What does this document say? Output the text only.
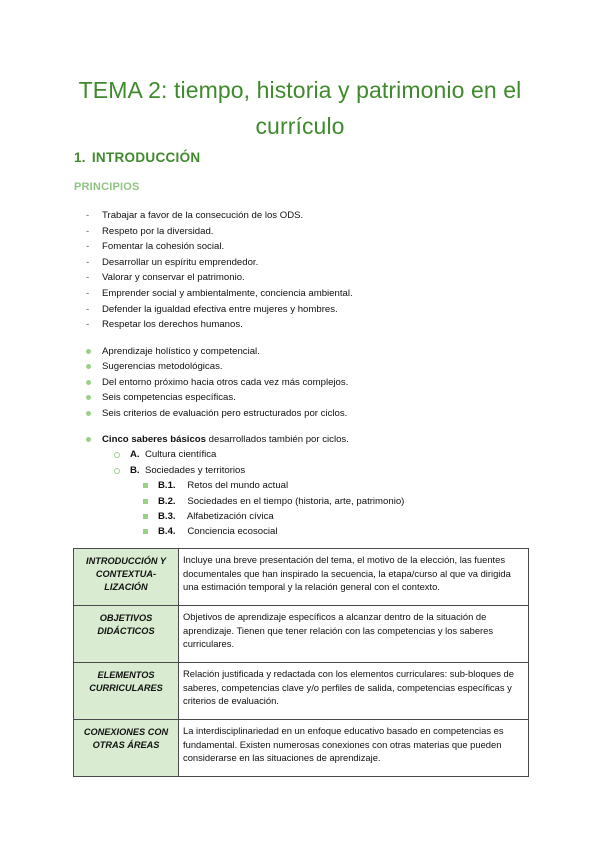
TEMA 2: tiempo, historia y patrimonio en el currículo
1. INTRODUCCIÓN
PRINCIPIOS
- Trabajar a favor de la consecución de los ODS.
- Respeto por la diversidad.
- Fomentar la cohesión social.
- Desarrollar un espíritu emprendedor.
- Valorar y conservar el patrimonio.
- Emprender social y ambientalmente, conciencia ambiental.
- Defender la igualdad efectiva entre mujeres y hombres.
- Respetar los derechos humanos.
Aprendizaje holístico y competencial.
Sugerencias metodológicas.
Del entorno próximo hacia otros cada vez más complejos.
Seis competencias específicas.
Seis criterios de evaluación pero estructurados por ciclos.
Cinco saberes básicos desarrollados también por ciclos.
A. Cultura científica
B. Sociedades y territorios
B.1. Retos del mundo actual
B.2. Sociedades en el tiempo (historia, arte, patrimonio)
B.3. Alfabetización cívica
B.4. Conciencia ecosocial
INTRODUCCIÓN Y CONTEXTUA-LIZACIÓN	Incluye una breve presentación del tema, el motivo de la elección, las fuentes documentales que han inspirado la secuencia, la etapa/curso al que va dirigida una estimación temporal y la relación general con el contexto.
OBJETIVOS DIDÁCTICOS	Objetivos de aprendizaje específicos a alcanzar dentro de la situación de aprendizaje. Tienen que tener relación con las competencias y los saberes curriculares.
ELEMENTOS CURRICULARES	Relación justificada y redactada con los elementos curriculares: sub-bloques de saberes, competencias clave y/o perfiles de salida, competencias específicas y criterios de evaluación.
CONEXIONES CON OTRAS ÁREAS	La interdisciplinariedad en un enfoque educativo basado en competencias es fundamental. Existen numerosas conexiones con otras materias que pueden considerarse en las situaciones de aprendizaje.
